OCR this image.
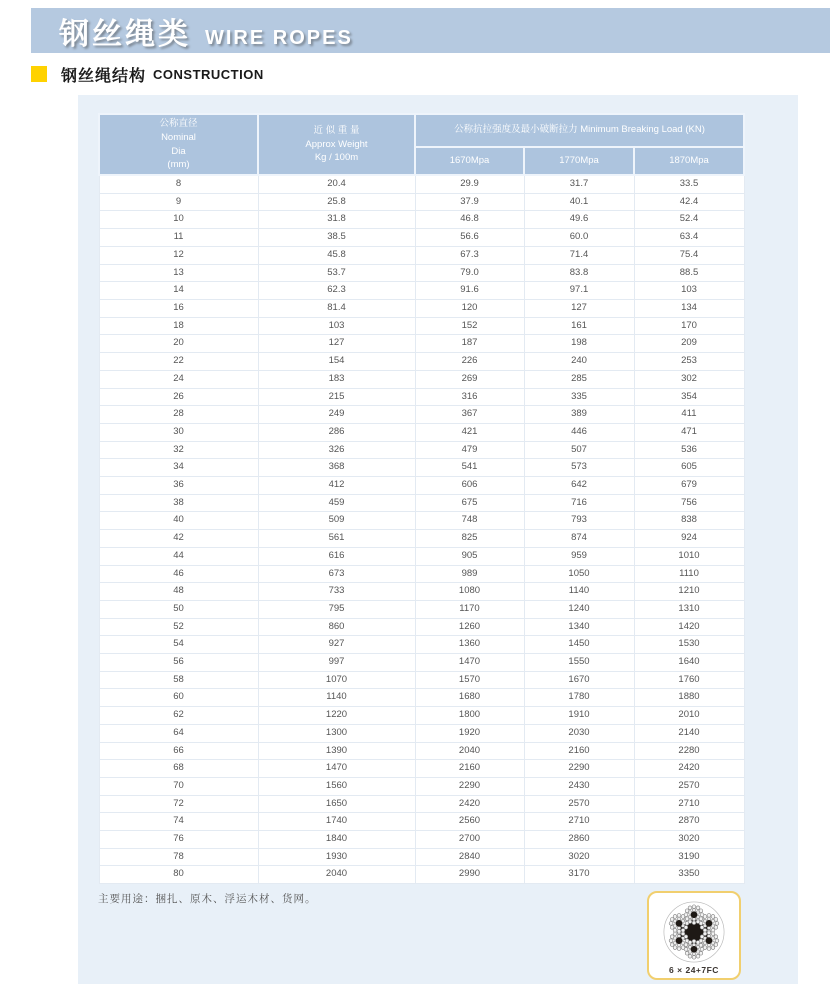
钢丝绳类 WIRE ROPES
钢丝绳结构 CONSTRUCTION
公称直径
Nominal
Dia
(mm)

近 似 重 量
Approx Weight
Kg / 100m
	公称抗拉强度及最小破断拉力 Minimum Breaking Load (KN)
		1670Mpa	1770Mpa	1870Mpa
8	20.4	29.9	31.7	33.5
9	25.8	37.9	40.1	42.4
10	31.8	46.8	49.6	52.4
11	38.5	56.6	60.0	63.4
12	45.8	67.3	71.4	75.4
13	53.7	79.0	83.8	88.5
14	62.3	91.6	97.1	103
16	81.4	120	127	134
18	103	152	161	170
20	127	187	198	209
22	154	226	240	253
24	183	269	285	302
26	215	316	335	354
28	249	367	389	411
30	286	421	446	471
32	326	479	507	536
34	368	541	573	605
36	412	606	642	679
38	459	675	716	756
40	509	748	793	838
42	561	825	874	924
44	616	905	959	1010
46	673	989	1050	1110
48	733	1080	1140	1210
50	795	1170	1240	1310
52	860	1260	1340	1420
54	927	1360	1450	1530
56	997	1470	1550	1640
58	1070	1570	1670	1760
60	1140	1680	1780	1880
62	1220	1800	1910	2010
64	1300	1920	2030	2140
66	1390	2040	2160	2280
68	1470	2160	2290	2420
70	1560	2290	2430	2570
72	1650	2420	2570	2710
74	1740	2560	2710	2870
76	1840	2700	2860	3020
78	1930	2840	3020	3190
80	2040	2990	3170	3350
主要用途：捆扎、原木、浮运木材、货网。
6 × 24+7FC
